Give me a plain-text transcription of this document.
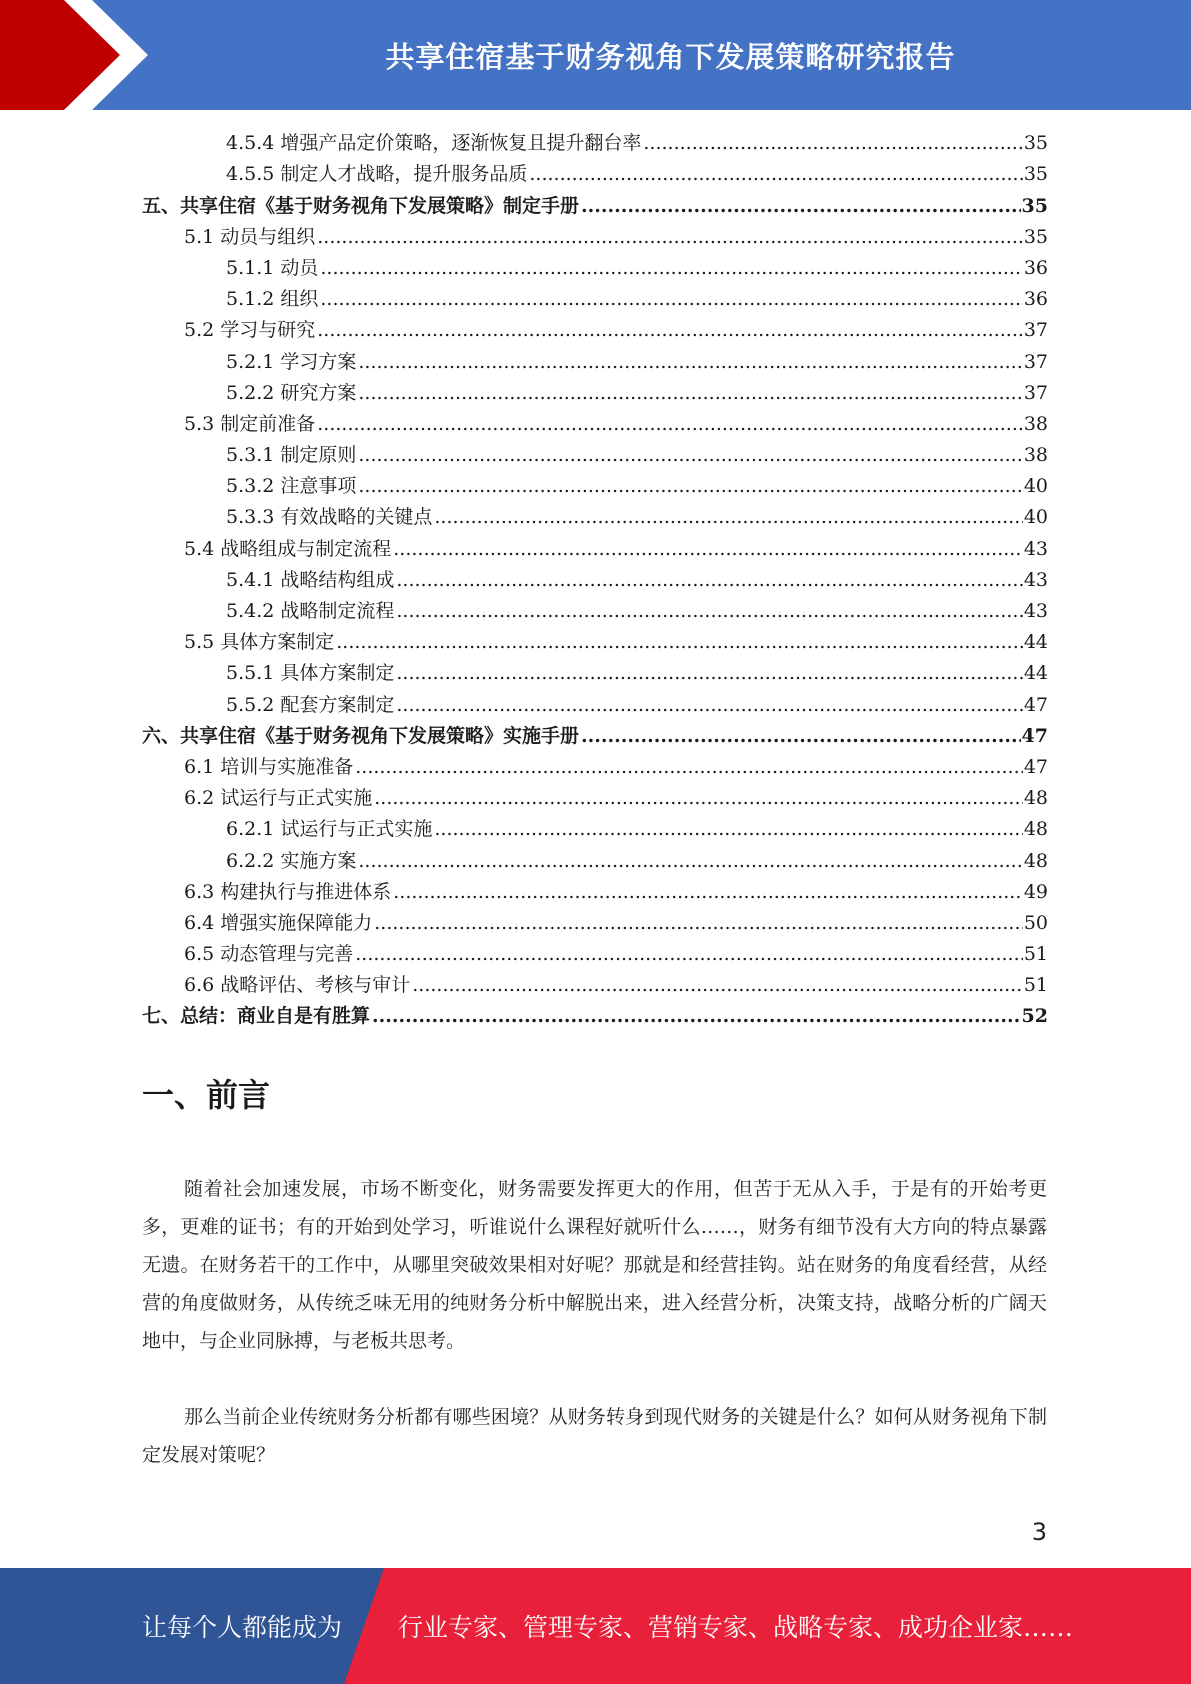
共享住宿基于财务视角下发展策略研究报告
4.5.4 增强产品定价策略，逐渐恢复且提升翻台率 .....	35
4.5.5 制定人才战略，提升服务品质 .....	35
五、共享住宿《基于财务视角下发展策略》制定手册 .....	35
5.1 动员与组织 .....	35
5.1.1 动员 .....	36
5.1.2 组织 .....	36
5.2 学习与研究 .....	37
5.2.1 学习方案 .....	37
5.2.2 研究方案 .....	37
5.3 制定前准备 .....	38
5.3.1 制定原则 .....	38
5.3.2 注意事项 .....	40
5.3.3 有效战略的关键点 .....	40
5.4 战略组成与制定流程 .....	43
5.4.1 战略结构组成 .....	43
5.4.2 战略制定流程 .....	43
5.5 具体方案制定 .....	44
5.5.1 具体方案制定 .....	44
5.5.2 配套方案制定 .....	47
六、共享住宿《基于财务视角下发展策略》实施手册 .....	47
6.1 培训与实施准备 .....	47
6.2 试运行与正式实施 .....	48
6.2.1 试运行与正式实施 .....	48
6.2.2 实施方案 .....	48
6.3 构建执行与推进体系 .....	49
6.4 增强实施保障能力 .....	50
6.5 动态管理与完善 .....	51
6.6 战略评估、考核与审计 .....	51
七、总结：商业自是有胜算 .....	52
一、前言

随着社会加速发展，市场不断变化，财务需要发挥更大的作用，但苦于无从入手，于是有的开始考更多，更难的证书；有的开始到处学习，听谁说什么课程好就听什么……，财务有细节没有大方向的特点暴露无遗。在财务若干的工作中，从哪里突破效果相对好呢？那就是和经营挂钩。站在财务的角度看经营，从经营的角度做财务，从传统乏味无用的纯财务分析中解脱出来，进入经营分析，决策支持，战略分析的广阔天地中，与企业同脉搏，与老板共思考。

那么当前企业传统财务分析都有哪些困境？从财务转身到现代财务的关键是什么？如何从财务视角下制定发展对策呢？

3
让每个人都能成为 行业专家、管理专家、营销专家、战略专家、成功企业家……
